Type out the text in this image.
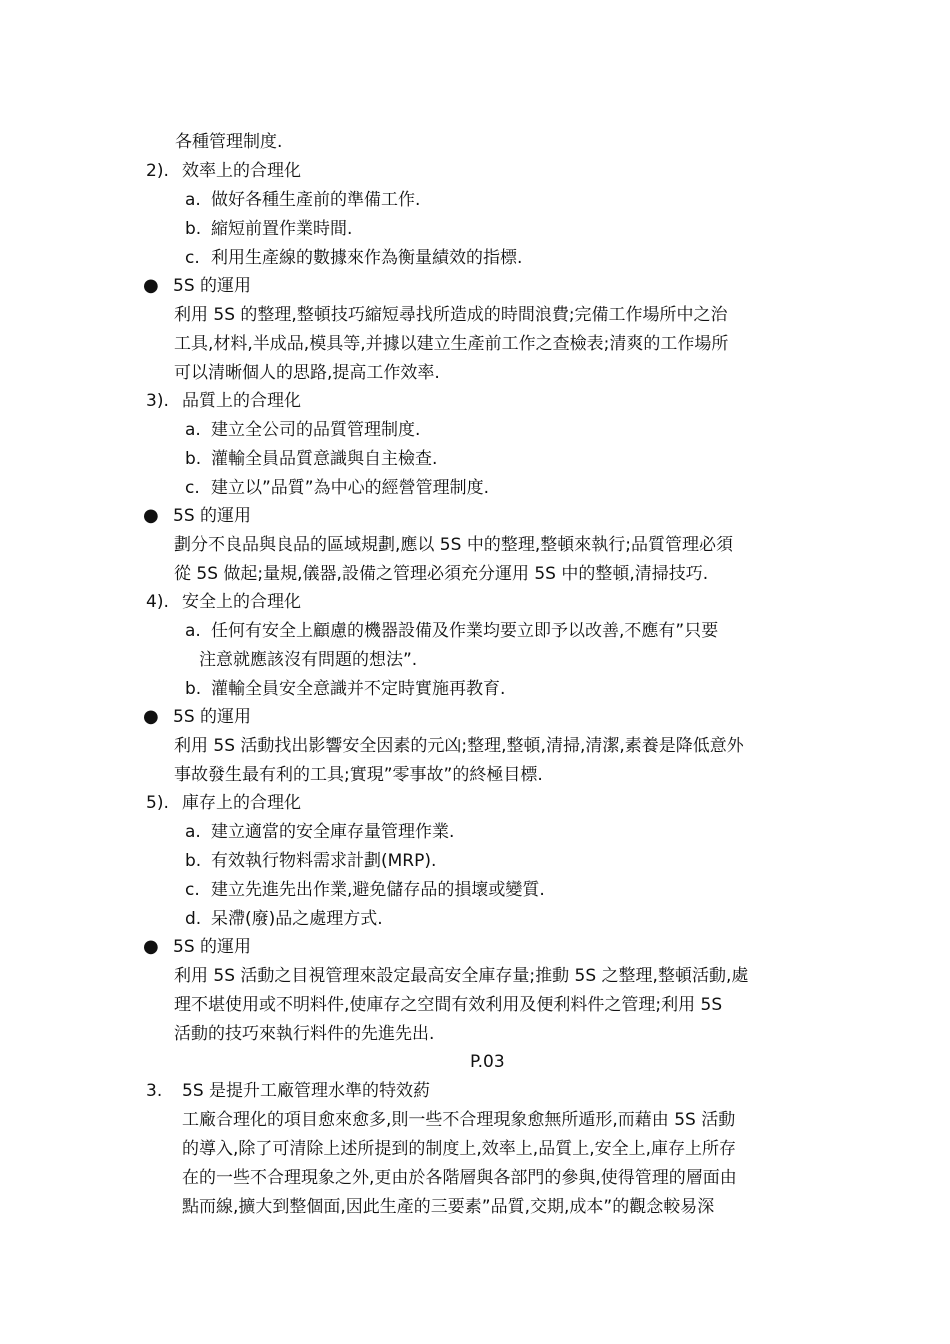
各種管理制度.
2). 效率上的合理化
a. 做好各種生產前的準備工作.
b. 縮短前置作業時間.
c. 利用生產線的數據來作為衡量績效的指標.
● 5S 的運用
利用 5S 的整理,整頓技巧縮短尋找所造成的時間浪費;完備工作場所中之治
工具,材料,半成品,模具等,并據以建立生產前工作之查檢表;清爽的工作場所
可以清晰個人的思路,提高工作效率.
3). 品質上的合理化
a. 建立全公司的品質管理制度.
b. 灌輸全員品質意識與自主檢查.
c. 建立以”品質”為中心的經營管理制度.
● 5S 的運用
劃分不良品與良品的區域規劃,應以 5S 中的整理,整頓來執行;品質管理必須
從 5S 做起;量規,儀器,設備之管理必須充分運用 5S 中的整頓,清掃技巧.
4). 安全上的合理化
a. 任何有安全上顧慮的機器設備及作業均要立即予以改善,不應有”只要
注意就應該沒有問題的想法”.
b. 灌輸全員安全意識并不定時實施再教育.
● 5S 的運用
利用 5S 活動找出影響安全因素的元凶;整理,整頓,清掃,清潔,素養是降低意外
事故發生最有利的工具;實現”零事故”的終極目標.
5). 庫存上的合理化
a. 建立適當的安全庫存量管理作業.
b. 有效執行物料需求計劃(MRP).
c. 建立先進先出作業,避免儲存品的損壞或變質.
d. 呆滯(廢)品之處理方式.
● 5S 的運用
利用 5S 活動之目視管理來設定最高安全庫存量;推動 5S 之整理,整頓活動,處
理不堪使用或不明料件,使庫存之空間有效利用及便利料件之管理;利用 5S
活動的技巧來執行料件的先進先出.
P.03
3. 5S 是提升工廠管理水準的特效葯
工廠合理化的項目愈來愈多,則一些不合理現象愈無所遁形,而藉由 5S 活動
的導入,除了可清除上述所提到的制度上,效率上,品質上,安全上,庫存上所存
在的一些不合理現象之外,更由於各階層與各部門的參與,使得管理的層面由
點而線,擴大到整個面,因此生產的三要素”品質,交期,成本”的觀念較易深
